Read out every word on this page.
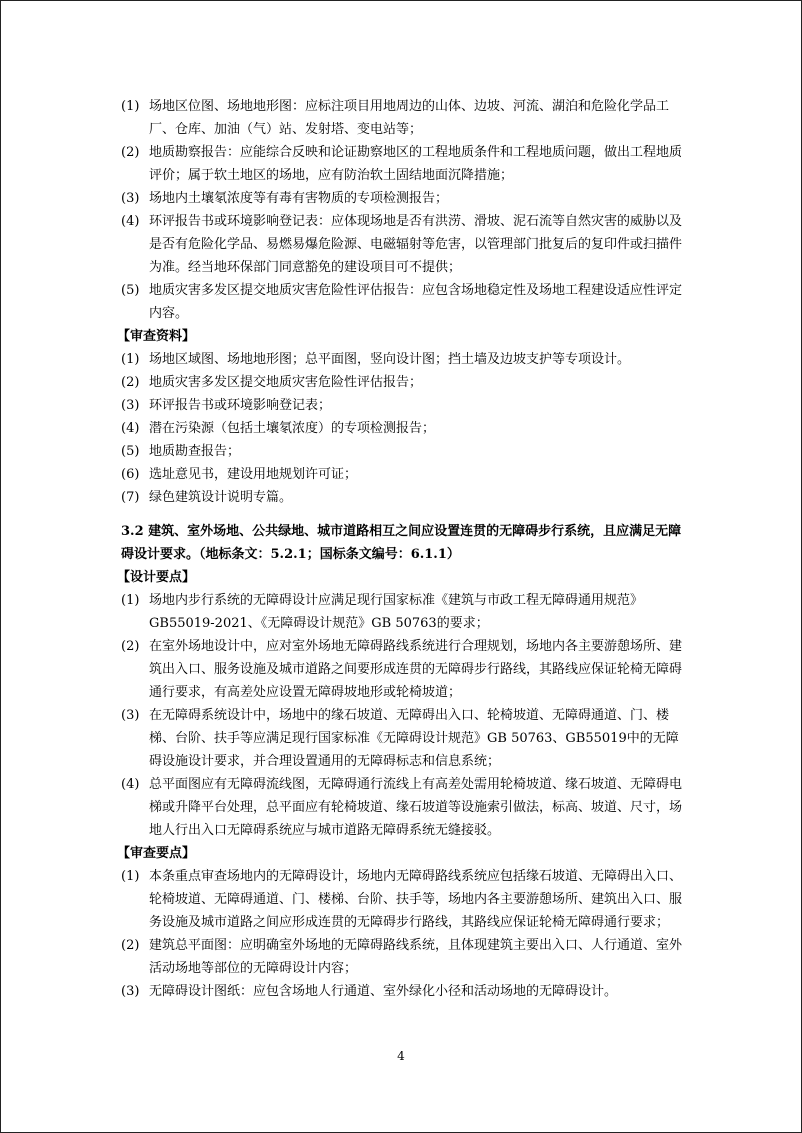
(1) 场地区位图、场地地形图：应标注项目用地周边的山体、边坡、河流、湖泊和危险化学品工厂、仓库、加油（气）站、发射塔、变电站等；
(2) 地质勘察报告：应能综合反映和论证勘察地区的工程地质条件和工程地质问题，做出工程地质评价；属于软土地区的场地，应有防治软土固结地面沉降措施；
(3) 场地内土壤氡浓度等有毒有害物质的专项检测报告；
(4) 环评报告书或环境影响登记表：应体现场地是否有洪涝、滑坡、泥石流等自然灾害的威胁以及是否有危险化学品、易燃易爆危险源、电磁辐射等危害，以管理部门批复后的复印件或扫描件为准。经当地环保部门同意豁免的建设项目可不提供；
(5) 地质灾害多发区提交地质灾害危险性评估报告：应包含场地稳定性及场地工程建设适应性评定内容。
【审查资料】
(1) 场地区域图、场地地形图；总平面图，竖向设计图；挡土墙及边坡支护等专项设计。
(2) 地质灾害多发区提交地质灾害危险性评估报告；
(3) 环评报告书或环境影响登记表；
(4) 潜在污染源（包括土壤氡浓度）的专项检测报告；
(5) 地质勘查报告；
(6) 选址意见书，建设用地规划许可证；
(7) 绿色建筑设计说明专篇。
3.2 建筑、室外场地、公共绿地、城市道路相互之间应设置连贯的无障碍步行系统，且应满足无障碍设计要求。（地标条文：5.2.1；国标条文编号：6.1.1）
【设计要点】
(1) 场地内步行系统的无障碍设计应满足现行国家标准《建筑与市政工程无障碍通用规范》GB55019-2021、《无障碍设计规范》GB 50763的要求；
(2) 在室外场地设计中，应对室外场地无障碍路线系统进行合理规划，场地内各主要游憩场所、建筑出入口、服务设施及城市道路之间要形成连贯的无障碍步行路线，其路线应保证轮椅无障碍通行要求，有高差处应设置无障碍坡地形或轮椅坡道；
(3) 在无障碍系统设计中，场地中的缘石坡道、无障碍出入口、轮椅坡道、无障碍通道、门、楼梯、台阶、扶手等应满足现行国家标准《无障碍设计规范》GB 50763、GB55019中的无障碍设施设计要求，并合理设置通用的无障碍标志和信息系统；
(4) 总平面图应有无障碍流线图，无障碍通行流线上有高差处需用轮椅坡道、缘石坡道、无障碍电梯或升降平台处理，总平面应有轮椅坡道、缘石坡道等设施索引做法，标高、坡道、尺寸，场地人行出入口无障碍系统应与城市道路无障碍系统无缝接驳。
【审查要点】
(1) 本条重点审查场地内的无障碍设计，场地内无障碍路线系统应包括缘石坡道、无障碍出入口、轮椅坡道、无障碍通道、门、楼梯、台阶、扶手等，场地内各主要游憩场所、建筑出入口、服务设施及城市道路之间应形成连贯的无障碍步行路线，其路线应保证轮椅无障碍通行要求；
(2) 建筑总平面图：应明确室外场地的无障碍路线系统，且体现建筑主要出入口、人行通道、室外活动场地等部位的无障碍设计内容；
(3) 无障碍设计图纸：应包含场地人行通道、室外绿化小径和活动场地的无障碍设计。
4
